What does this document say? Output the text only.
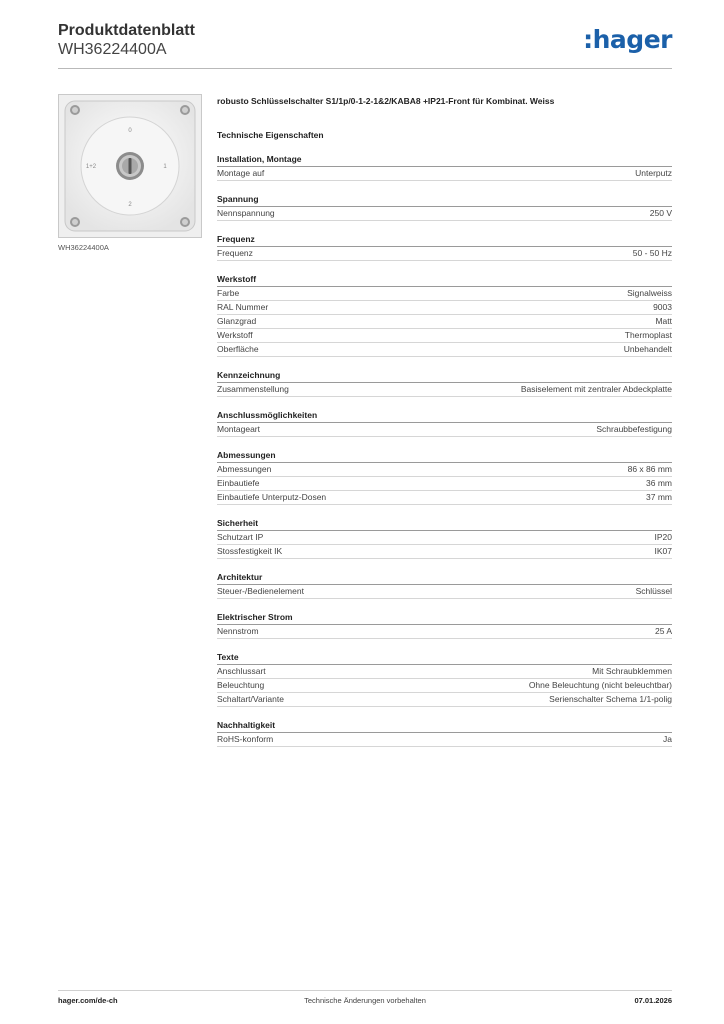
Produktdatenblatt
WH36224400A	:hager
0
1+2	1
2
WH36224400A
robusto Schlüsselschalter S1/1p/0-1-2-1&2/KABA8 +IP21-Front für Kombinat. Weiss
Technische Eigenschaften
Installation, Montage
Montage auf	Unterputz
Spannung
Nennspannung	250 V
Frequenz
Frequenz	50 - 50 Hz
Werkstoff
Farbe	Signalweiss
RAL Nummer	9003
Glanzgrad	Matt
Werkstoff	Thermoplast
Oberfläche	Unbehandelt
Kennzeichnung
Zusammenstellung	Basiselement mit zentraler Abdeckplatte
Anschlussmöglichkeiten
Montageart	Schraubbefestigung
Abmessungen
Abmessungen	86 x 86 mm
Einbautiefe	36 mm
Einbautiefe Unterputz-Dosen	37 mm
Sicherheit
Schutzart IP	IP20
Stossfestigkeit IK	IK07
Architektur
Steuer-/Bedienelement	Schlüssel
Elektrischer Strom
Nennstrom	25 A
Texte
Anschlussart	Mit Schraubklemmen
Beleuchtung	Ohne Beleuchtung (nicht beleuchtbar)
Schaltart/Variante	Serienschalter Schema 1/1-polig
Nachhaltigkeit
RoHS-konform	Ja
hager.com/de-ch	Technische Änderungen vorbehalten	07.01.2026
